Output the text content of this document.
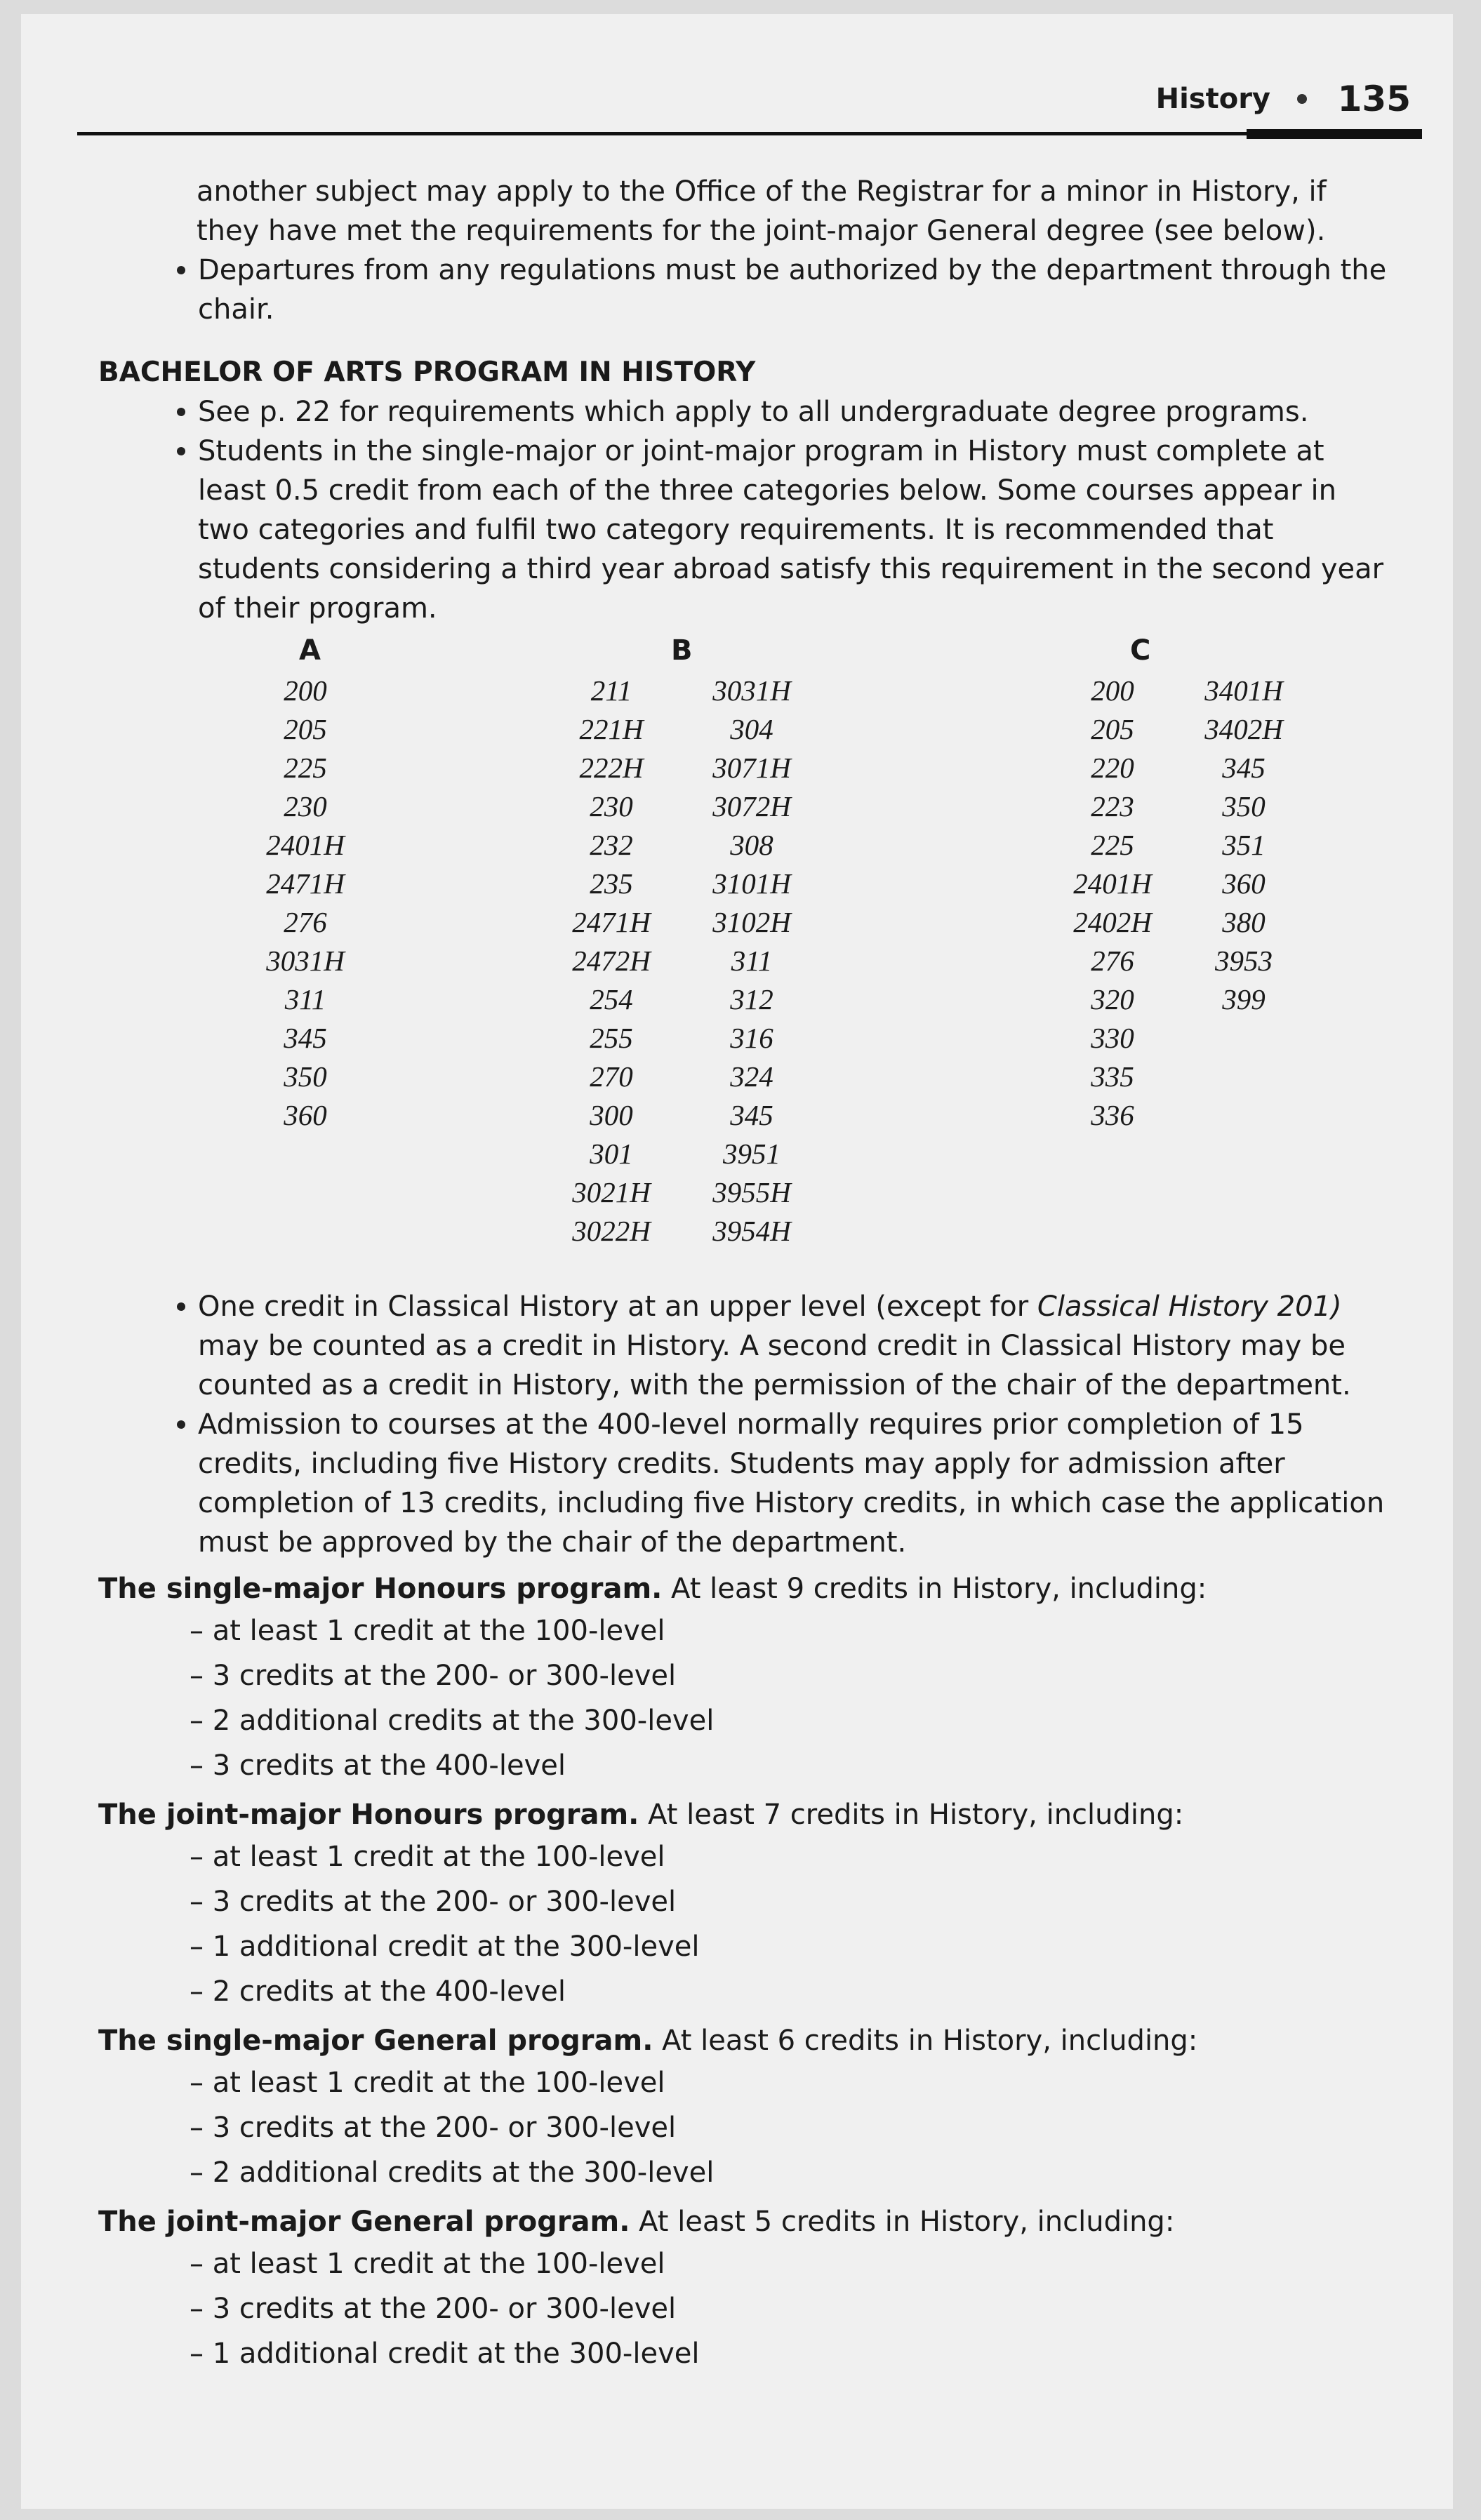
History 135

another subject may apply to the Office of the Registrar for a minor in History, if they have met the requirements for the joint-major General degree (see below).

Departures from any regulations must be authorized by the department through the chair.
BACHELOR OF ARTS PROGRAM IN HISTORY
See p. 22 for requirements which apply to all undergraduate degree programs.
Students in the single-major or joint-major program in History must complete at least 0.5 credit from each of the three categories below. Some courses appear in two categories and fulfil two category requirements. It is recommended that students considering a third year abroad satisfy this requirement in the second year of their program.
A	B	C
200
205
225
230
2401H
2471H
276
3031H
311
345
350
360
211
221H
222H
230
232
235
2471H
2472H
254
255
270
300
301
3021H
3022H
3031H
304
3071H
3072H
308
3101H
3102H
311
312
316
324
345
3951
3955H
3954H
200
205
220
223
225
2401H
2402H
276
320
330
335
336
3401H
3402H
345
350
351
360
380
3953
399
One credit in Classical History at an upper level (except for Classical History 201) may be counted as a credit in History. A second credit in Classical History may be counted as a credit in History, with the permission of the chair of the department.
Admission to courses at the 400-level normally requires prior completion of 15 credits, including five History credits. Students may apply for admission after completion of 13 credits, including five History credits, in which case the application must be approved by the chair of the department.
The single-major Honours program. At least 9 credits in History, including:
– at least 1 credit at the 100-level
– 3 credits at the 200- or 300-level
– 2 additional credits at the 300-level
– 3 credits at the 400-level
The joint-major Honours program. At least 7 credits in History, including:
– at least 1 credit at the 100-level
– 3 credits at the 200- or 300-level
– 1 additional credit at the 300-level
– 2 credits at the 400-level
The single-major General program. At least 6 credits in History, including:
– at least 1 credit at the 100-level
– 3 credits at the 200- or 300-level
– 2 additional credits at the 300-level
The joint-major General program. At least 5 credits in History, including:
– at least 1 credit at the 100-level
– 3 credits at the 200- or 300-level
– 1 additional credit at the 300-level
